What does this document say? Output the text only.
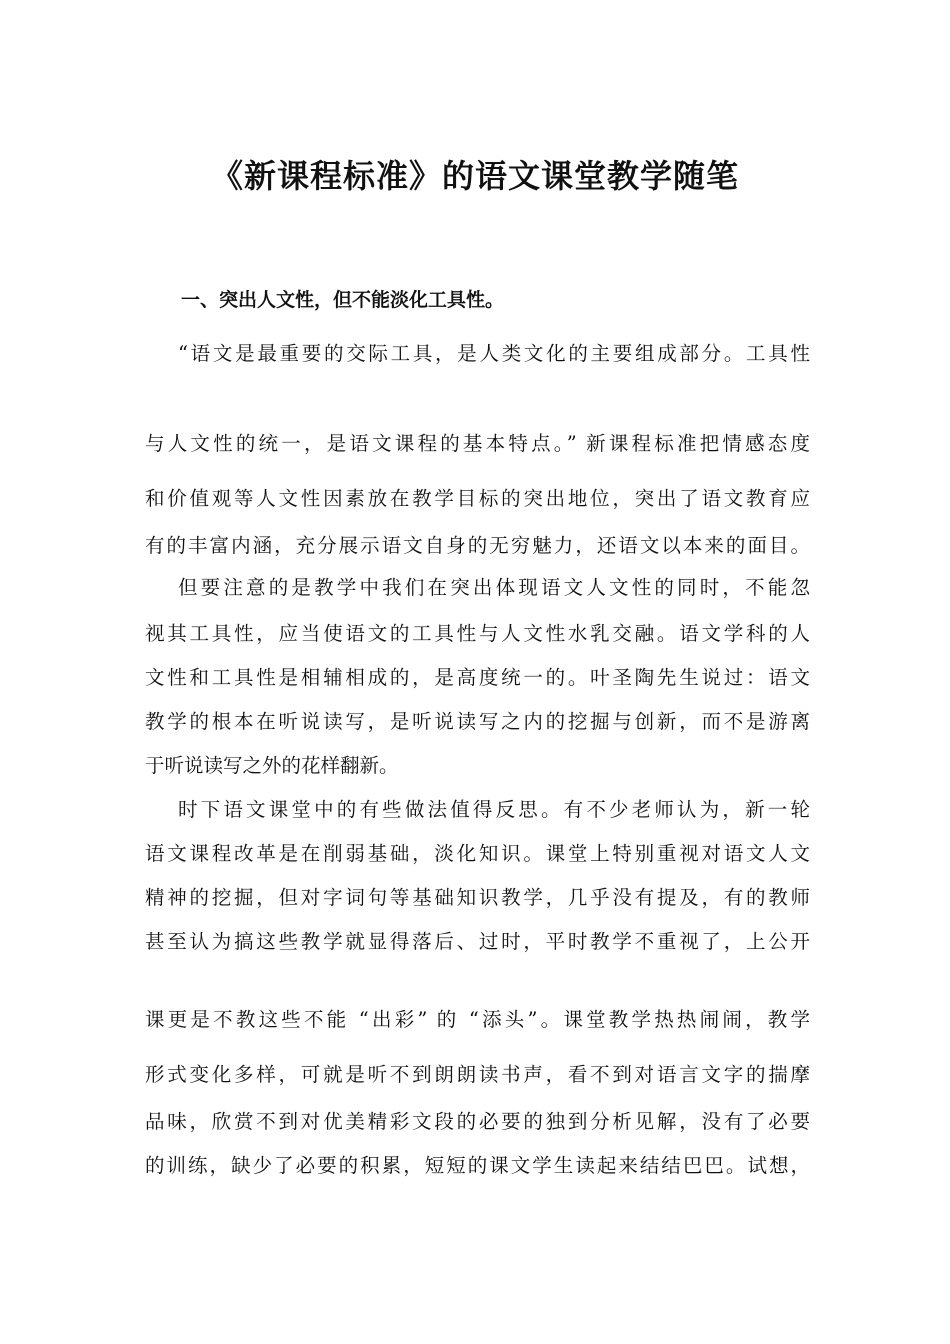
《新课程标准》的语文课堂教学随笔

一、突出人文性，但不能淡化工具性。

“语文是最重要的交际工具，是人类文化的主要组成部分。工具性

与人文性的统一，是语文课程的基本特点。” 新课程标准把情感态度

和价值观等人文性因素放在教学目标的突出地位，突出了语文教育应

有的丰富内涵，充分展示语文自身的无穷魅力，还语文以本来的面目。

但要注意的是教学中我们在突出体现语文人文性的同时，不能忽

视其工具性，应当使语文的工具性与人文性水乳交融。语文学科的人

文性和工具性是相辅相成的，是高度统一的。叶圣陶先生说过：语文

教学的根本在听说读写，是听说读写之内的挖掘与创新，而不是游离

于听说读写之外的花样翻新。

时下语文课堂中的有些做法值得反思。有不少老师认为，新一轮

语文课程改革是在削弱基础，淡化知识。课堂上特别重视对语文人文

精神的挖掘，但对字词句等基础知识教学，几乎没有提及，有的教师

甚至认为搞这些教学就显得落后、过时，平时教学不重视了，上公开

课更是不教这些不能 “出彩” 的 “添头”。课堂教学热热闹闹，教学

形式变化多样，可就是听不到朗朗读书声，看不到对语言文字的揣摩

品味，欣赏不到对优美精彩文段的必要的独到分析见解，没有了必要

的训练，缺少了必要的积累，短短的课文学生读起来结结巴巴。试想，
